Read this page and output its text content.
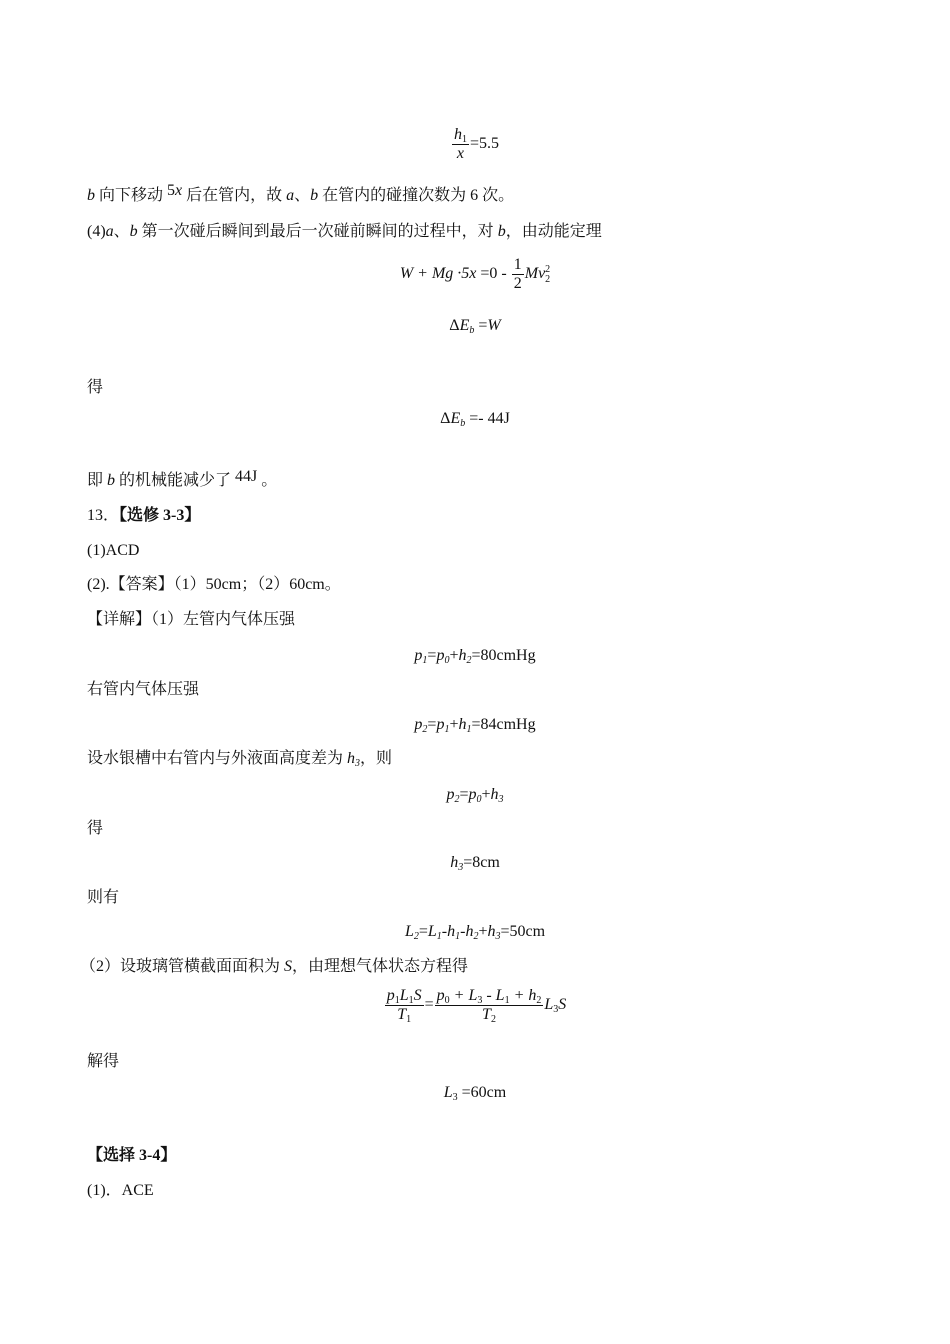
$\frac{h_1}{x} =5.5$
b 向下移动 5x 后在管内，故 a、b 在管内的碰撞次数为 6 次。
(4)a、b 第一次碰后瞬间到最后一次碰前瞬间的过程中，对 b，由动能定理
$W + Mg \cdot 5x =0 - \frac{1}{2}$ Mv 2
2
$\Delta E_b =W$
得
$\Delta E_b =- 44J$
即 b 的机械能减少了 44J 。
13．【选修 3-3】
(1)ACD
(2).【答案】（1）50cm；（2）60cm。
【详解】（1）左管内气体压强
$p_1=p_0+h_2=80cmHg$
右管内气体压强
$p_2=p_1+h_1=84cmHg$
设水银槽中右管内与外液面高度差为 $h_3$，则
$p_2=p_0+h_3$
得
$h_3=8cm$
则有
$L_2=L_1-h_1-h_2+h_3=50cm$
（2）设玻璃管横截面面积为 S，由理想气体状态方程得
$\frac{p_1L_1S}{T_1} = \frac{p_0 + L_3 - L_1 + h_2}{T_2} L_3S$
解得
$L_3 =60cm$
【选择 3-4】
(1)．ACE
